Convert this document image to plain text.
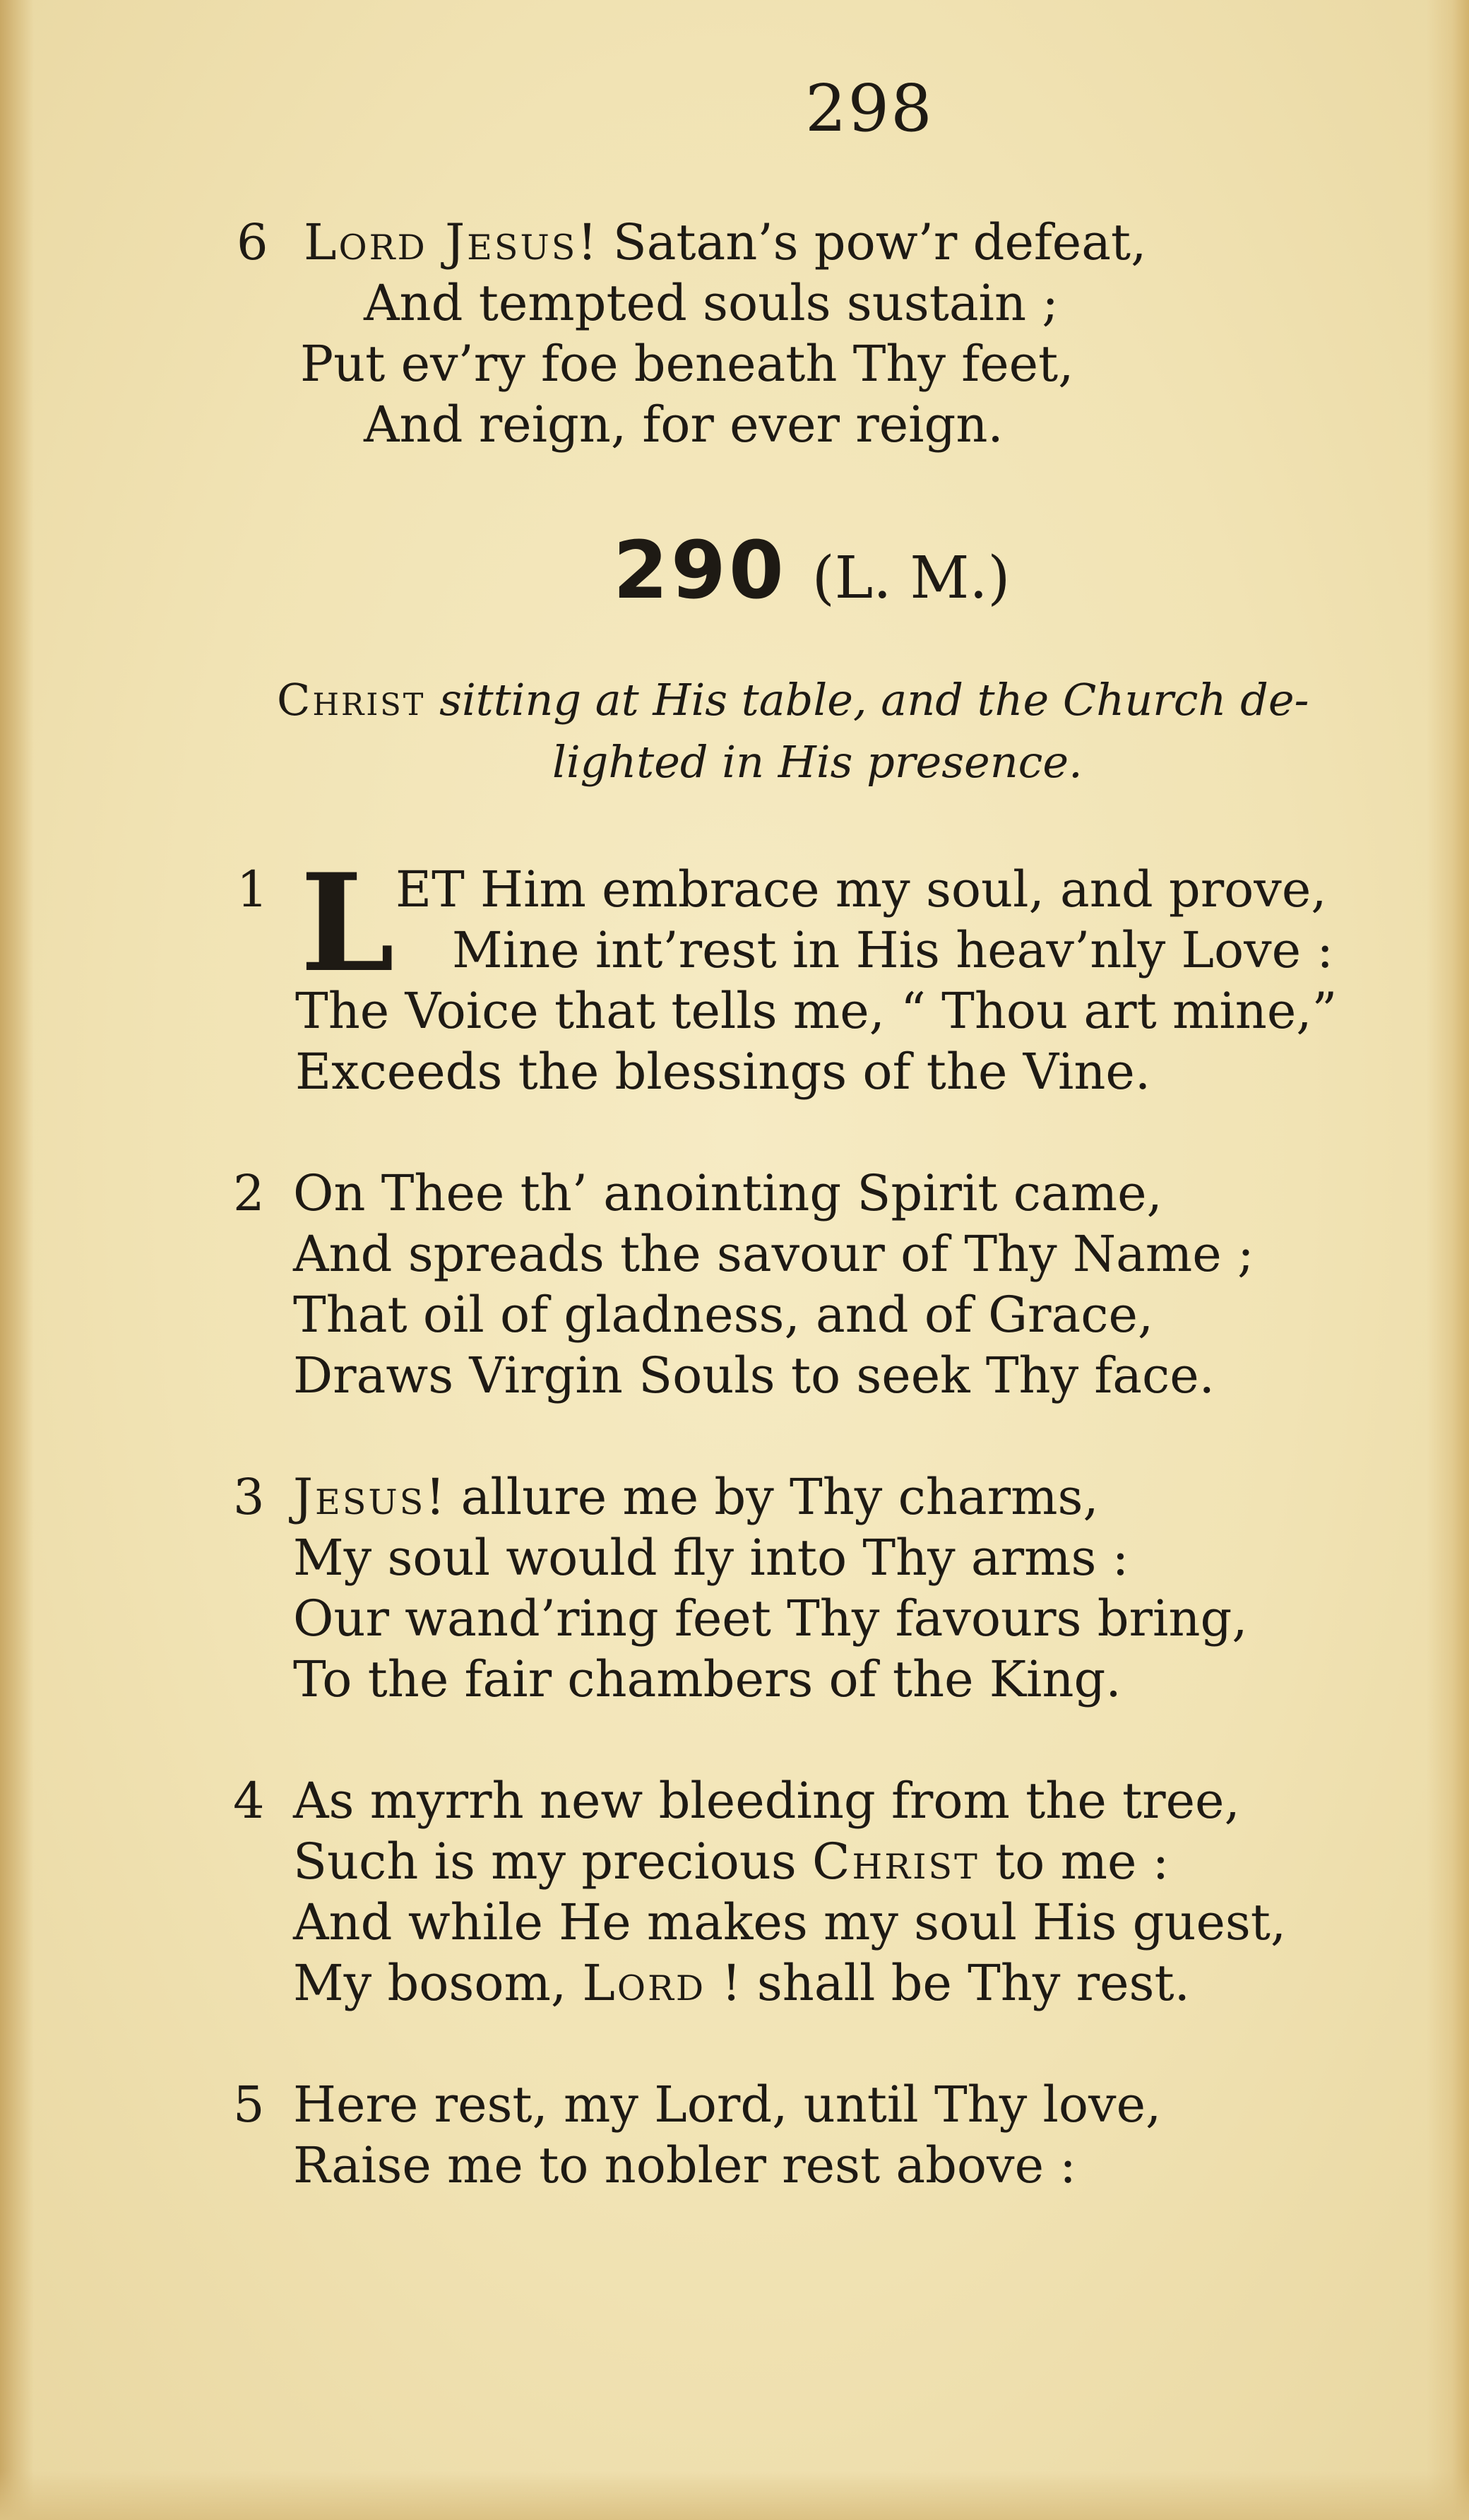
298
6 Lord Jesus! Satan’s pow’r defeat,
And tempted souls sustain ;
Put ev’ry foe beneath Thy feet,
And reign, for ever reign.
290 (L. M.)
Christ sitting at His table, and the Church de-
lighted in His presence.
L
1	ET Him embrace my soul, and prove,
Mine int’rest in His heav’nly Love :
The Voice that tells me, “ Thou art mine,”
Exceeds the blessings of the Vine.
2 On Thee th’ anointing Spirit came,
And spreads the savour of Thy Name ;
That oil of gladness, and of Grace,
Draws Virgin Souls to seek Thy face.
3 Jesus! allure me by Thy charms,
My soul would fly into Thy arms :
Our wand’ring feet Thy favours bring,
To the fair chambers of the King.
4 As myrrh new bleeding from the tree,
Such is my precious Christ to me :
And while He makes my soul His guest,
My bosom, Lord ! shall be Thy rest.
5 Here rest, my Lord, until Thy love,
Raise me to nobler rest above :
